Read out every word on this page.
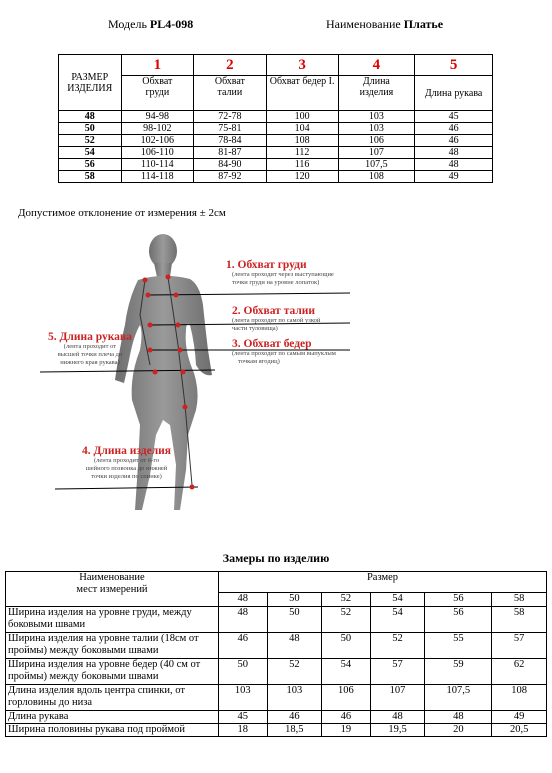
Модель PL4-098	Наименование Платье
РАЗМЕР ИЗДЕЛИЯ	1	2	3	4	5
	Обхват груди	Обхват талии	Обхват бедер I.	Длина изделия	Длина рукава
48	94-98	72-78	100	103	45
50	98-102	75-81	104	103	46
52	102-106	78-84	108	106	46
54	106-110	81-87	112	107	48
56	110-114	84-90	116	107,5	48
58	114-118	87-92	120	108	49
Допустимое отклонение от измерения ± 2см
1. Обхват груди
(лента проходит через выступающие
точки груди на уровне лопаток)
2. Обхват талии
(лента проходит по самой узкой
части туловища)
3. Обхват бедер
(лента проходит по самым выпуклым
точкам ягодиц)
5. Длина рукава
(лента проходит от
высшей точки плеча до
нижнего края рукава)
4. Длина изделия
(лента проходит от 6-го
шейного позвонка до нижней
точки изделия по спинке)
Замеры по изделию
Наименование
мест измерений	Размер					
	48	50	52	54	56	58
Ширина изделия на уровне груди, между боковыми швами	48	50	52	54	56	58
Ширина изделия на уровне талии (18см от проймы) между боковыми швами	46	48	50	52	55	57
Ширина изделия на уровне бедер (40 см от проймы) между боковыми швами	50	52	54	57	59	62
Длина изделия вдоль центра спинки, от горловины до низа	103	103	106	107	107,5	108
Длина рукава	45	46	46	48	48	49
Ширина половины рукава под проймой	18	18,5	19	19,5	20	20,5
